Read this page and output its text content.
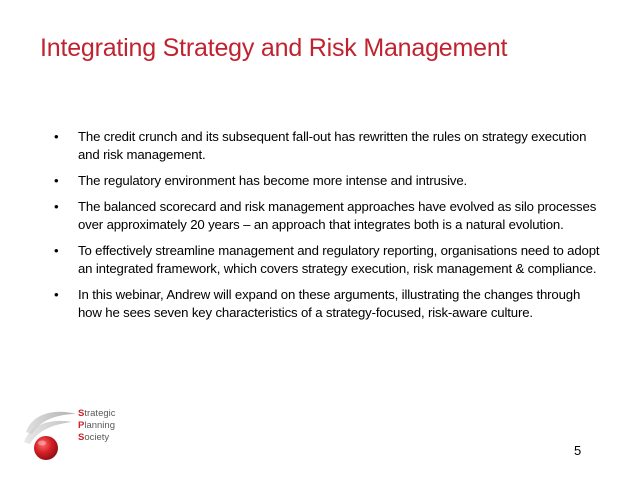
Integrating Strategy and Risk Management
•	The credit crunch and its subsequent fall-out has rewritten the rules on strategy execution and risk management.
•	The regulatory environment has become more intense and intrusive.
•	The balanced scorecard and risk management approaches have evolved as silo processes over approximately 20 years – an approach that integrates both is a natural evolution.
•	To effectively streamline management and regulatory reporting, organisations need to adopt an integrated framework, which covers strategy execution, risk management & compliance.
•	In this webinar, Andrew will expand on these arguments, illustrating the changes through how he sees seven key characteristics of a strategy-focused, risk-aware culture.
Strategic
Planning
Society
5
